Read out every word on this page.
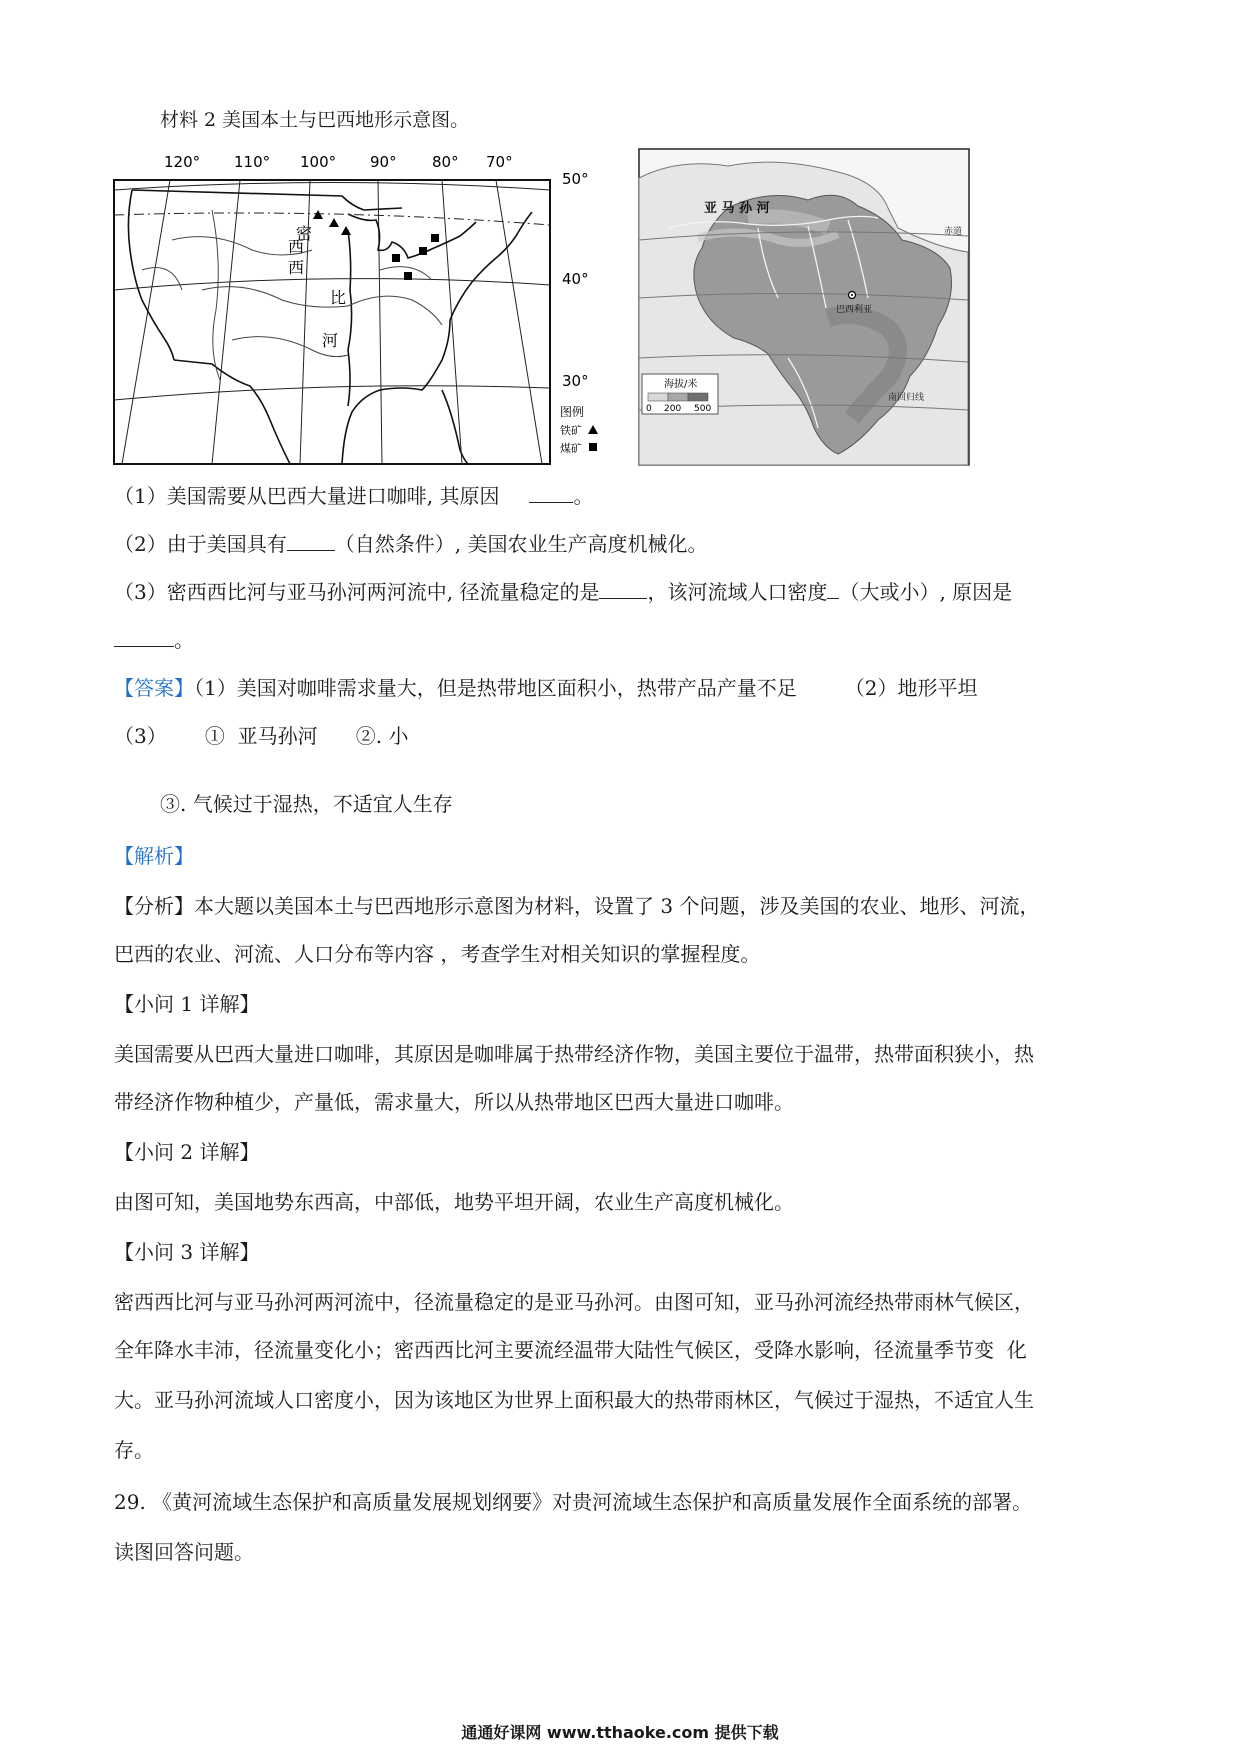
材料 2 美国本土与巴西地形示意图。
120° 110° 100° 90° 80° 70°
50°
40°
30°
密
西
西
比
河
图例
铁矿
煤矿
亚 马 孙 河
赤道
南回归线
巴西利亚
海拔/米
0 200 500
（1）美国需要从巴西大量进口咖啡, 其原因	。
（2）由于美国具有 （自然条件）, 美国农业生产高度机械化。
（3）密西西比河与亚马孙河两河流中, 径流量稳定的是 ，该河流域人口密度 （大或小）, 原因是
。
【答案】（1）美国对咖啡需求量大，但是热带地区面积小，热带产品产量不足 （2）地形平坦
（3）      ①  亚马孙河      ②. 小
③. 气候过于湿热，不适宜人生存
【解析】
【分析】本大题以美国本土与巴西地形示意图为材料，设置了 3 个问题，涉及美国的农业、地形、河流，
巴西的农业、河流、人口分布等内容 ，考查学生对相关知识的掌握程度。
【小问 1 详解】
美国需要从巴西大量进口咖啡，其原因是咖啡属于热带经济作物，美国主要位于温带，热带面积狭小，热
带经济作物种植少，产量低，需求量大，所以从热带地区巴西大量进口咖啡。
【小问 2 详解】
由图可知，美国地势东西高，中部低，地势平坦开阔，农业生产高度机械化。
【小问 3 详解】
密西西比河与亚马孙河两河流中，径流量稳定的是亚马孙河。由图可知，亚马孙河流经热带雨林气候区，
全年降水丰沛，径流量变化小；密西西比河主要流经温带大陆性气候区，受降水影响，径流量季节变  化
大。亚马孙河流域人口密度小，因为该地区为世界上面积最大的热带雨林区，气候过于湿热，不适宜人生
存。
29. 《黄河流域生态保护和高质量发展规划纲要》对贵河流域生态保护和高质量发展作全面系统的部署。
读图回答问题。
通通好课网 www.tthaoke.com 提供下载
